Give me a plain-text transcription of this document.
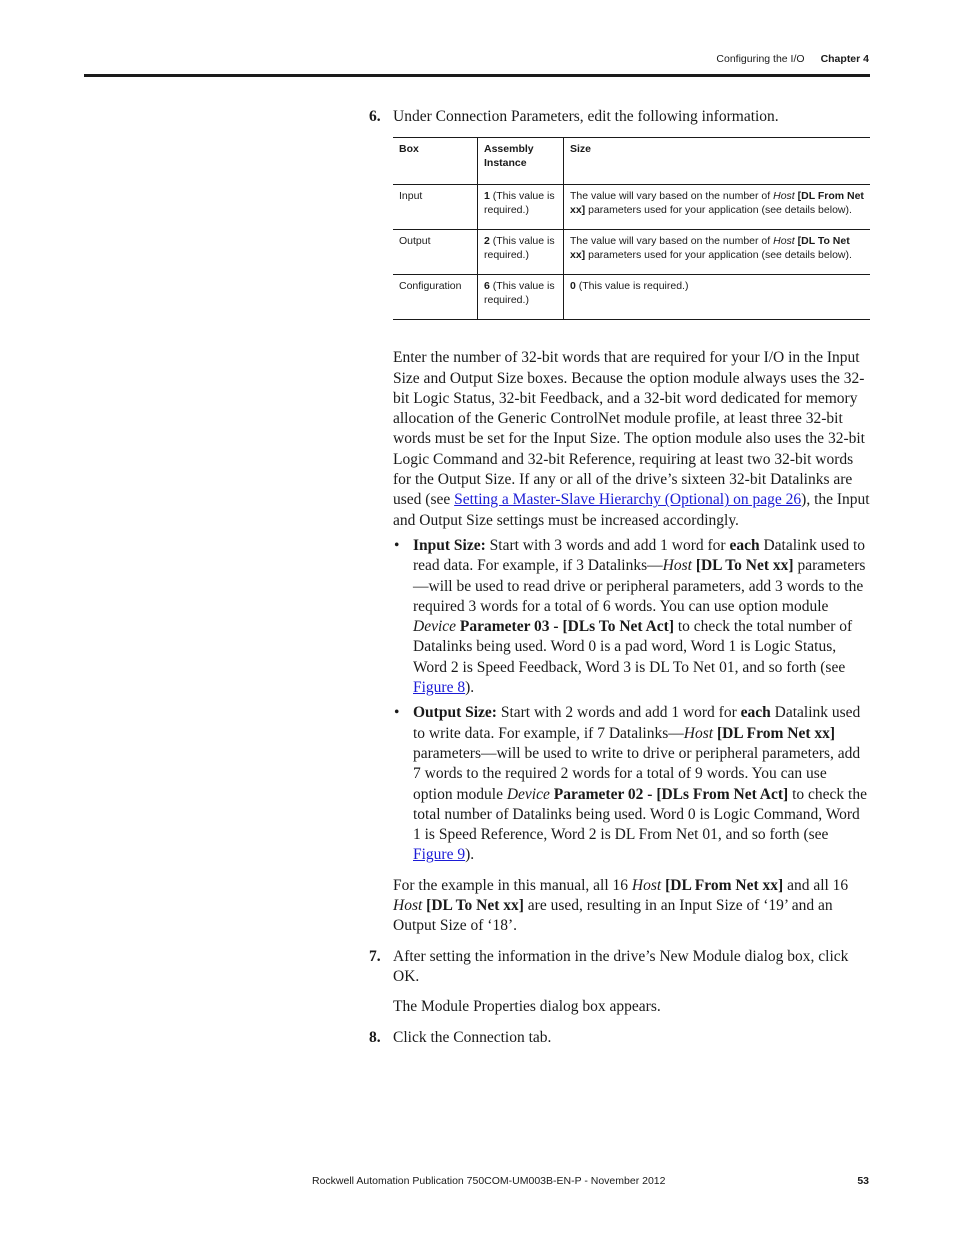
Configuring the I/O Chapter 4
6. Under Connection Parameters, edit the following information.
Box	Assembly Instance	Size
Input	1 (This value is required.)	The value will vary based on the number of Host [DL From Net xx] parameters used for your application (see details below).
Output	2 (This value is required.)	The value will vary based on the number of Host [DL To Net xx] parameters used for your application (see details below).
Configuration	6 (This value is required.)	0 (This value is required.)

Enter the number of 32-bit words that are required for your I/O in the Input Size and Output Size boxes. Because the option module always uses the 32-bit Logic Status, 32-bit Feedback, and a 32-bit word dedicated for memory allocation of the Generic ControlNet module profile, at least three 32-bit words must be set for the Input Size. The option module also uses the 32-bit Logic Command and 32-bit Reference, requiring at least two 32-bit words for the Output Size. If any or all of the drive’s sixteen 32-bit Datalinks are used (see Setting a Master-Slave Hierarchy (Optional) on page 26), the Input and Output Size settings must be increased accordingly.

• Input Size: Start with 3 words and add 1 word for each Datalink used to read data. For example, if 3 Datalinks—Host [DL To Net xx] parameters—will be used to read drive or peripheral parameters, add 3 words to the required 3 words for a total of 6 words. You can use option module Device Parameter 03 - [DLs To Net Act] to check the total number of Datalinks being used. Word 0 is a pad word, Word 1 is Logic Status, Word 2 is Speed Feedback, Word 3 is DL To Net 01, and so forth (see Figure 8).
• Output Size: Start with 2 words and add 1 word for each Datalink used to write data. For example, if 7 Datalinks—Host [DL From Net xx] parameters—will be used to write to drive or peripheral parameters, add 7 words to the required 2 words for a total of 9 words. You can use option module Device Parameter 02 - [DLs From Net Act] to check the total number of Datalinks being used. Word 0 is Logic Command, Word 1 is Speed Reference, Word 2 is DL From Net 01, and so forth (see Figure 9).

For the example in this manual, all 16 Host [DL From Net xx] and all 16 Host [DL To Net xx] are used, resulting in an Input Size of ‘19’ and an Output Size of ‘18’.

7. After setting the information in the drive’s New Module dialog box, click OK.

The Module Properties dialog box appears.

8. Click the Connection tab.
Rockwell Automation Publication 750COM-UM003B-EN-P - November 2012	53
